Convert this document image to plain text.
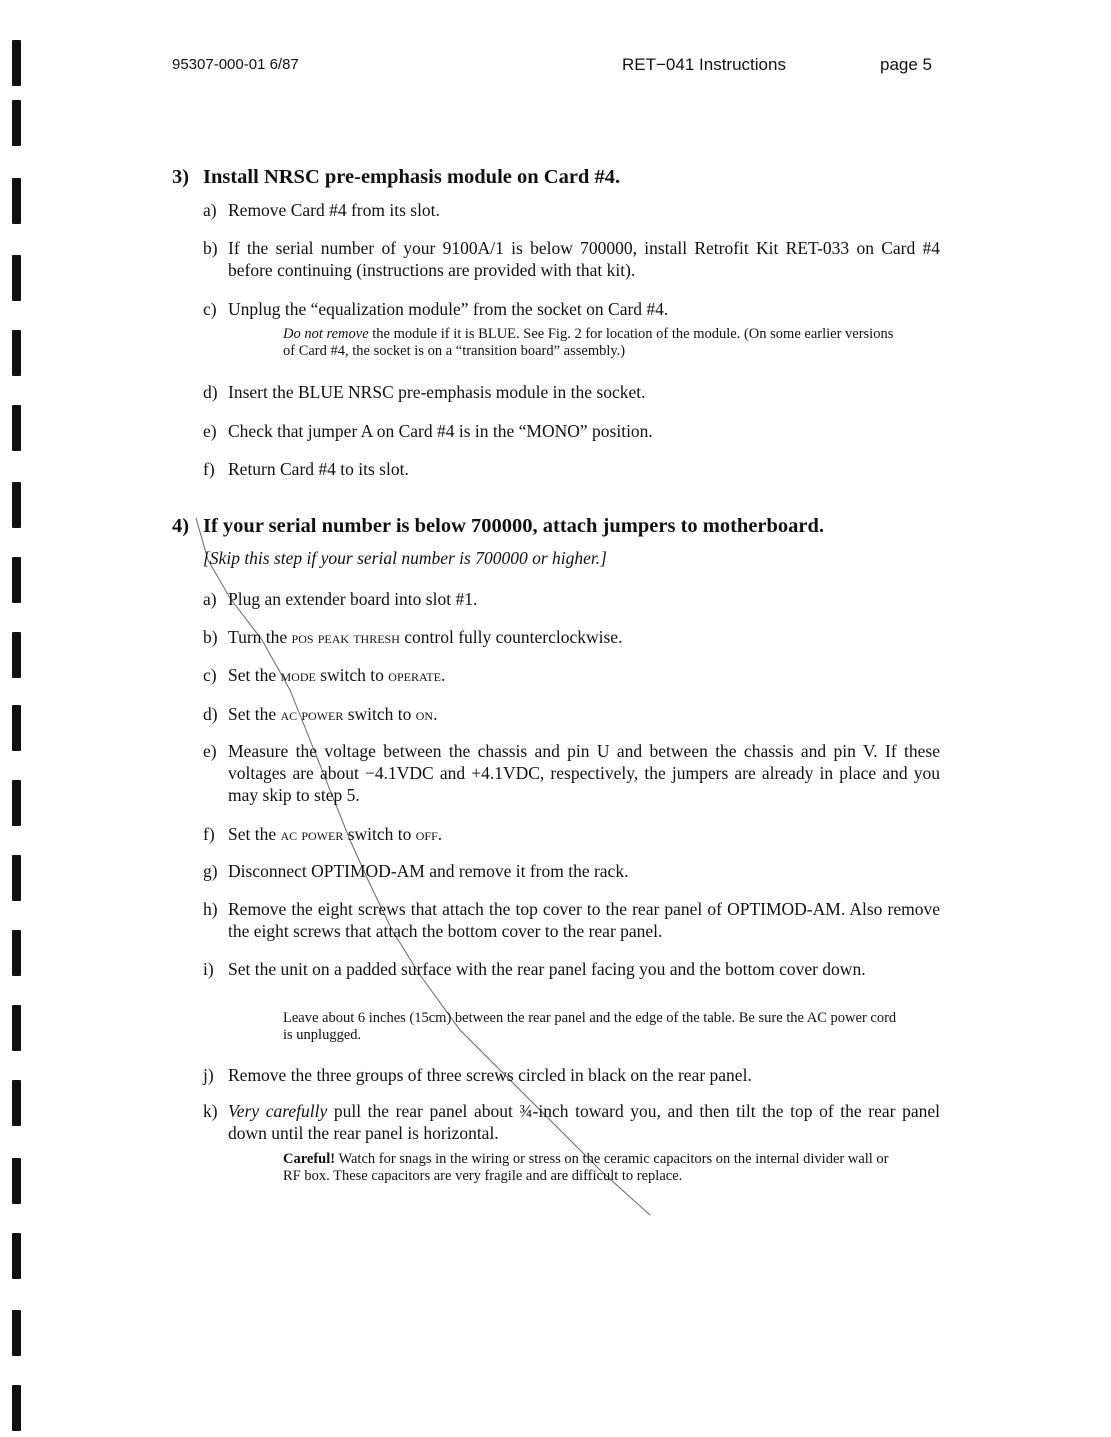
95307-000-01 6/87	RET−041 Instructions	page 5
3) Install NRSC pre-emphasis module on Card #4.
a) Remove Card #4 from its slot.
b) If the serial number of your 9100A/1 is below 700000, install Retrofit Kit RET-033 on Card #4 before continuing (instructions are provided with that kit).
c) Unplug the “equalization module” from the socket on Card #4.
Do not remove the module if it is BLUE. See Fig. 2 for location of the module. (On some earlier versions of Card #4, the socket is on a “transition board” assembly.)
d) Insert the BLUE NRSC pre-emphasis module in the socket.
e) Check that jumper A on Card #4 is in the “MONO” position.
f) Return Card #4 to its slot.
4) If your serial number is below 700000, attach jumpers to motherboard.
[Skip this step if your serial number is 700000 or higher.]
a) Plug an extender board into slot #1.
b) Turn the pos peak thresh control fully counterclockwise.
c) Set the mode switch to operate.
d) Set the ac power switch to on.
e) Measure the voltage between the chassis and pin U and between the chassis and pin V. If these voltages are about −4.1VDC and +4.1VDC, respectively, the jumpers are already in place and you may skip to step 5.
f) Set the ac power switch to off.
g) Disconnect OPTIMOD-AM and remove it from the rack.
h) Remove the eight screws that attach the top cover to the rear panel of OPTIMOD-AM. Also remove the eight screws that attach the bottom cover to the rear panel.
i) Set the unit on a padded surface with the rear panel facing you and the bottom cover down.
Leave about 6 inches (15cm) between the rear panel and the edge of the table. Be sure the AC power cord is unplugged.
j) Remove the three groups of three screws circled in black on the rear panel.
k) Very carefully pull the rear panel about ¾-inch toward you, and then tilt the top of the rear panel down until the rear panel is horizontal.
Careful! Watch for snags in the wiring or stress on the ceramic capacitors on the internal divider wall or RF box. These capacitors are very fragile and are difficult to replace.
